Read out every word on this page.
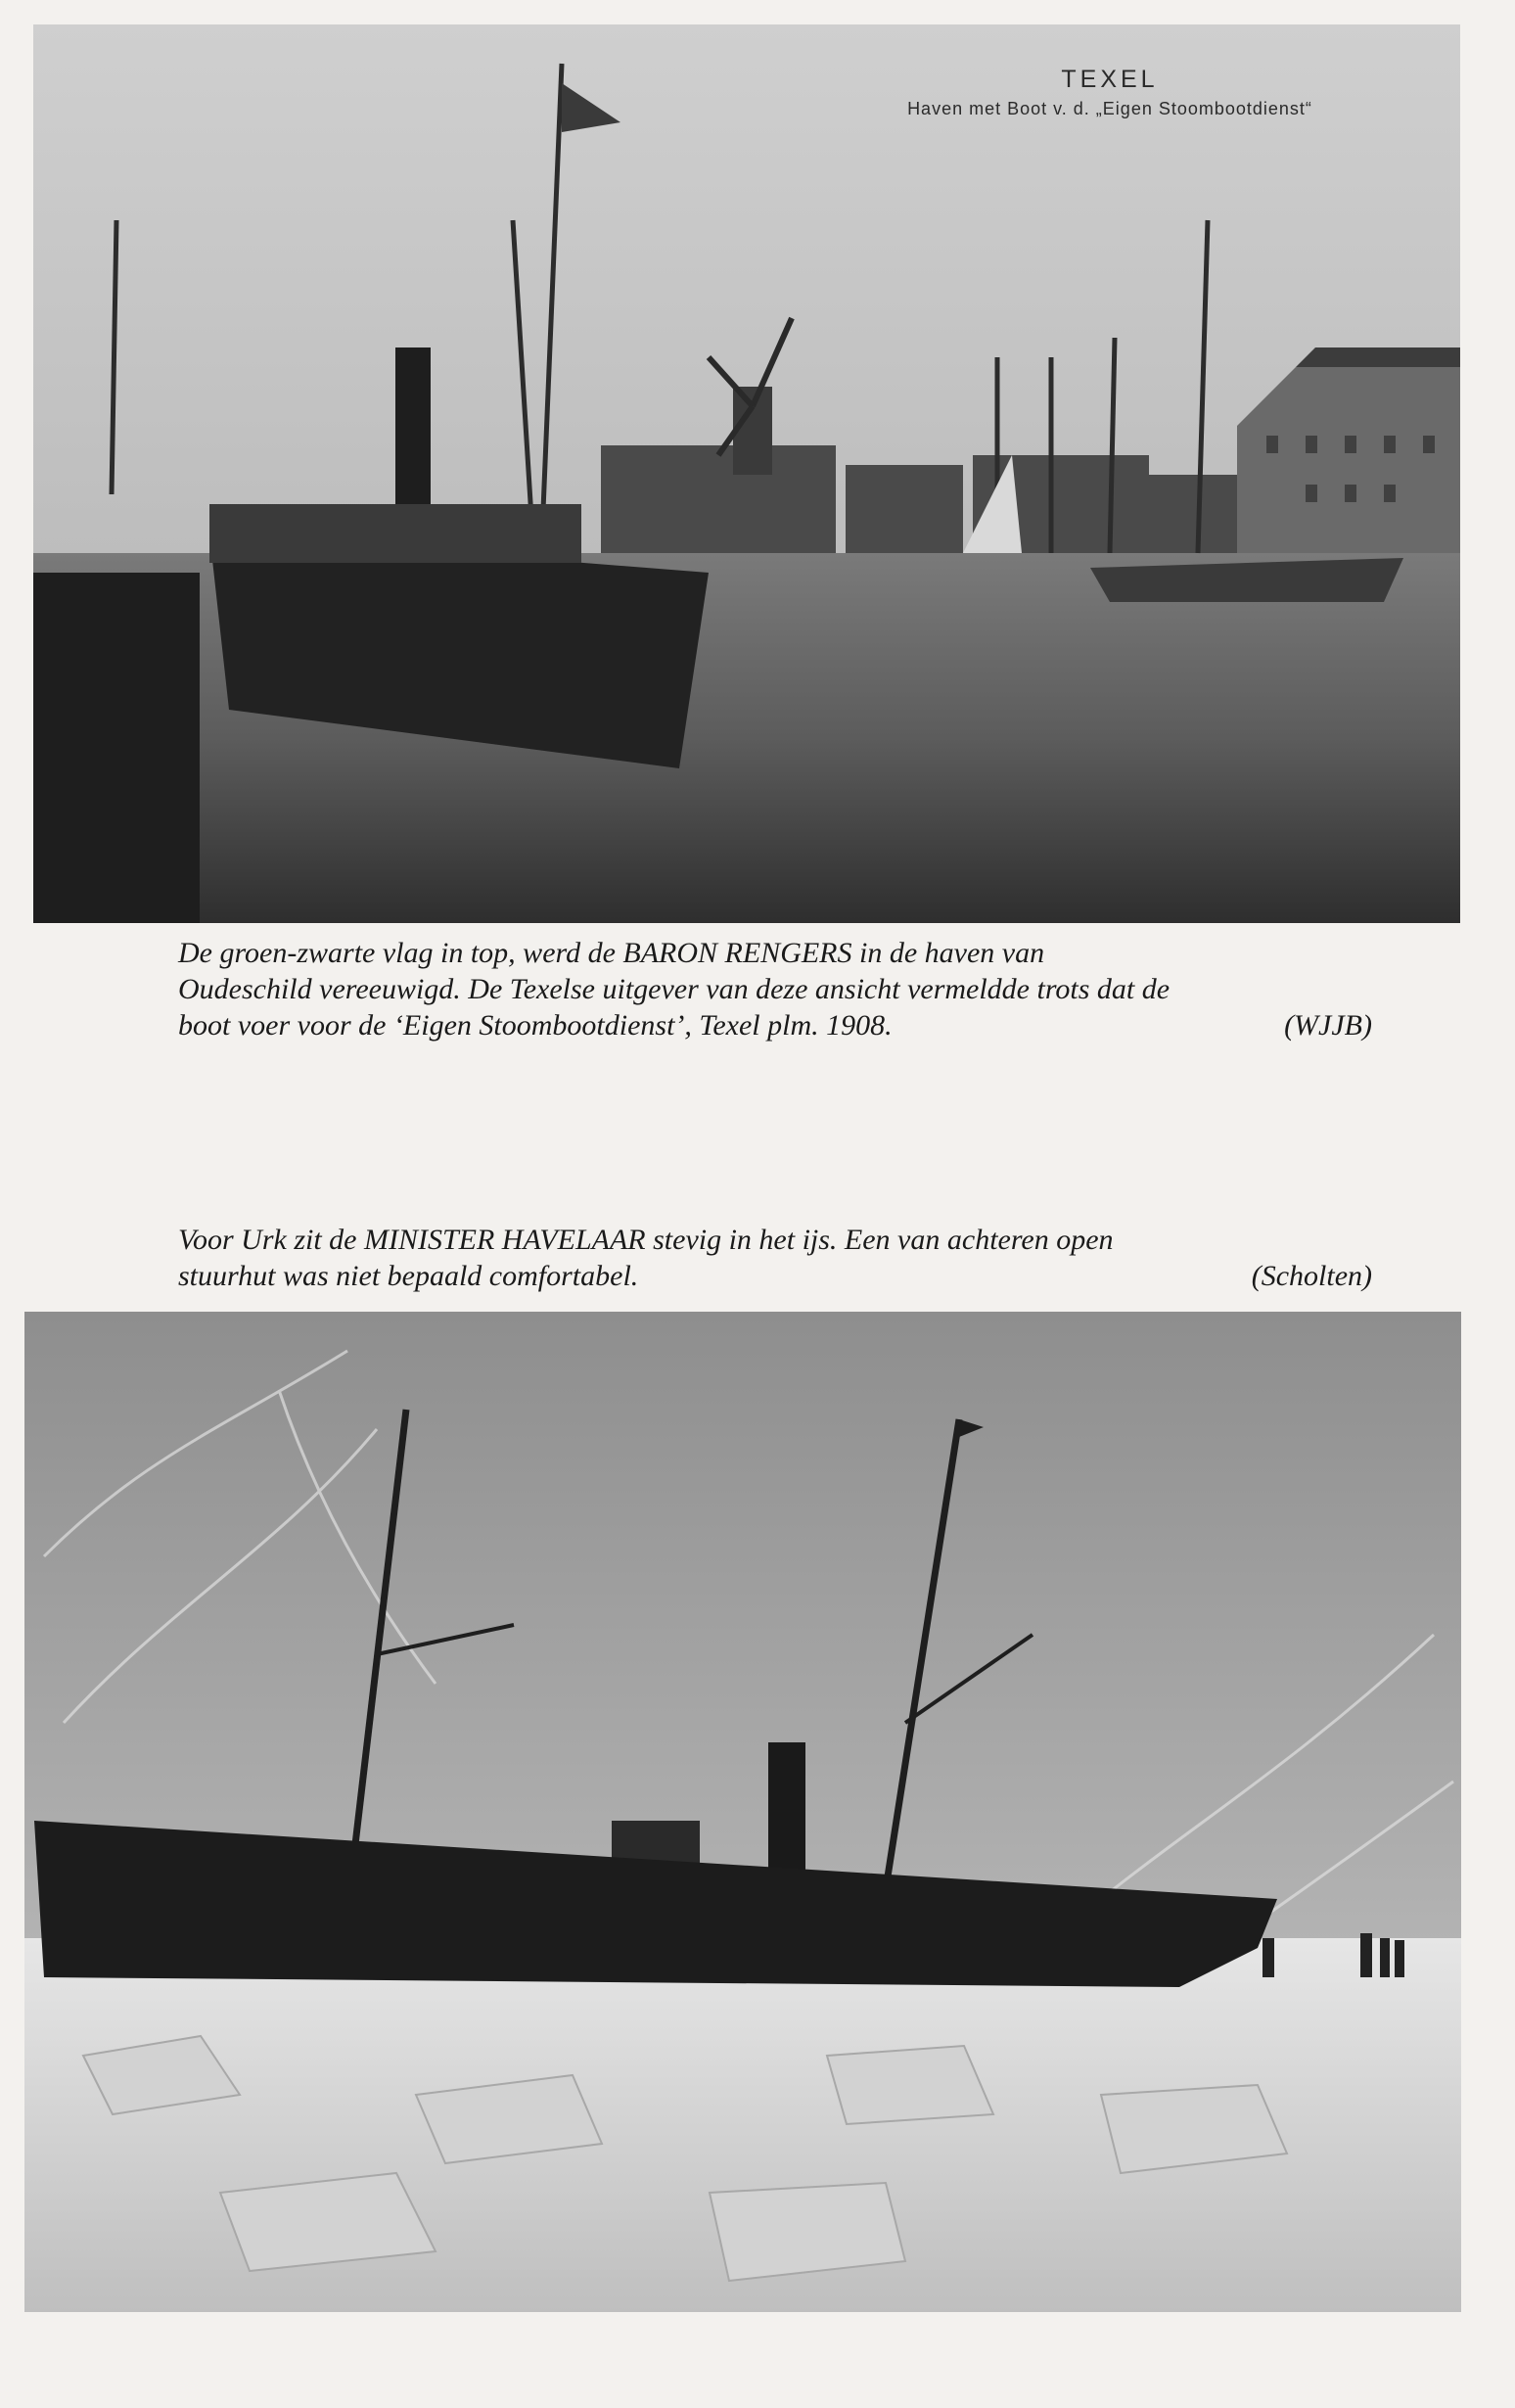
TEXEL
Haven met Boot v. d. „Eigen Stoombootdienst“
De groen-zwarte vlag in top, werd de BARON RENGERS in de haven van
Oudeschild vereeuwigd. De Texelse uitgever van deze ansicht vermeldde trots dat de
boot voer voor de ‘Eigen Stoombootdienst’, Texel plm. 1908.	(WJJB)
Voor Urk zit de MINISTER HAVELAAR stevig in het ijs. Een van achteren open
stuurhut was niet bepaald comfortabel.	(Scholten)
